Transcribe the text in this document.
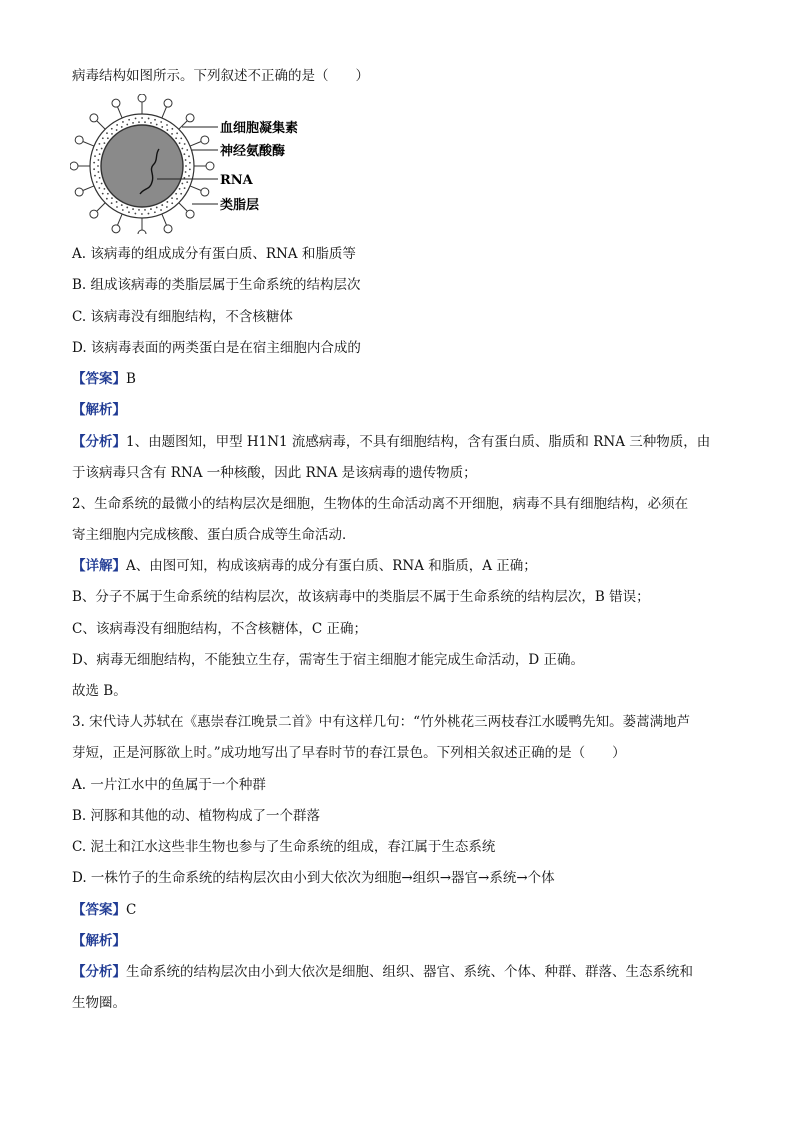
病毒结构如图所示。下列叙述不正确的是（　　）
血细胞凝集素
神经氨酸酶
RNA
类脂层
A. 该病毒的组成成分有蛋白质、RNA 和脂质等
B. 组成该病毒的类脂层属于生命系统的结构层次
C. 该病毒没有细胞结构，不含核糖体
D. 该病毒表面的两类蛋白是在宿主细胞内合成的
【答案】B
【解析】
【分析】1、由题图知，甲型 H1N1 流感病毒，不具有细胞结构，含有蛋白质、脂质和 RNA 三种物质，由
于该病毒只含有 RNA 一种核酸，因此 RNA 是该病毒的遗传物质；
2、生命系统的最微小的结构层次是细胞，生物体的生命活动离不开细胞，病毒不具有细胞结构，必须在
寄主细胞内完成核酸、蛋白质合成等生命活动．
【详解】A、由图可知，构成该病毒的成分有蛋白质、RNA 和脂质，A 正确；
B、分子不属于生命系统的结构层次，故该病毒中的类脂层不属于生命系统的结构层次，B 错误；
C、该病毒没有细胞结构，不含核糖体，C 正确；
D、病毒无细胞结构，不能独立生存，需寄生于宿主细胞才能完成生命活动，D 正确。
故选 B。
3. 宋代诗人苏轼在《惠崇春江晚景二首》中有这样几句：“竹外桃花三两枝春江水暖鸭先知。蒌蒿满地芦
芽短，正是河豚欲上时。”成功地写出了早春时节的春江景色。下列相关叙述正确的是（　　）
A. 一片江水中的鱼属于一个种群
B. 河豚和其他的动、植物构成了一个群落
C. 泥土和江水这些非生物也参与了生命系统的组成，春江属于生态系统
D. 一株竹子的生命系统的结构层次由小到大依次为细胞→组织→器官→系统→个体
【答案】C
【解析】
【分析】生命系统的结构层次由小到大依次是细胞、组织、器官、系统、个体、种群、群落、生态系统和
生物圈。
